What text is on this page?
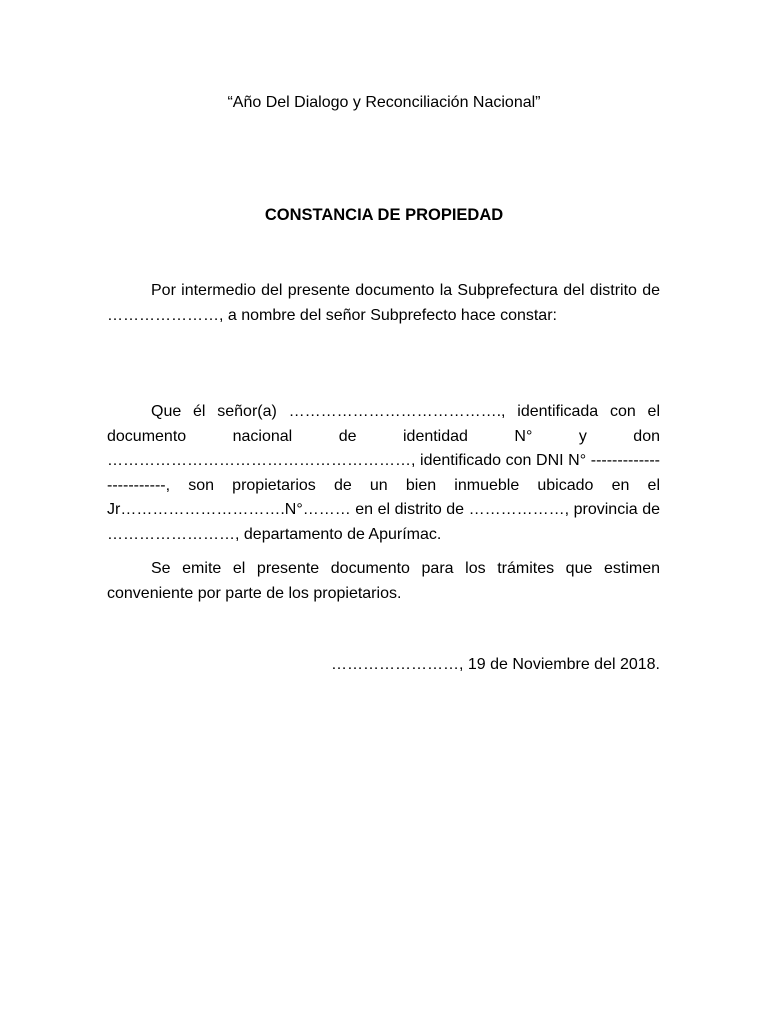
“Año Del Dialogo y Reconciliación Nacional”
CONSTANCIA DE PROPIEDAD

Por intermedio del presente documento la Subprefectura del distrito de …………………, a nombre del señor Subprefecto hace constar:

Que él señor(a) …………………………………., identificada con el documento nacional de identidad N° y don …………………………………………………, identificado con DNI N° ------------------------, son propietarios de un bien inmueble ubicado en el Jr………………………….N°……… en el distrito de ………………, provincia de ……………………, departamento de Apurímac.

Se emite el presente documento para los trámites que estimen conveniente por parte de los propietarios.

……………………, 19 de Noviembre del 2018.
